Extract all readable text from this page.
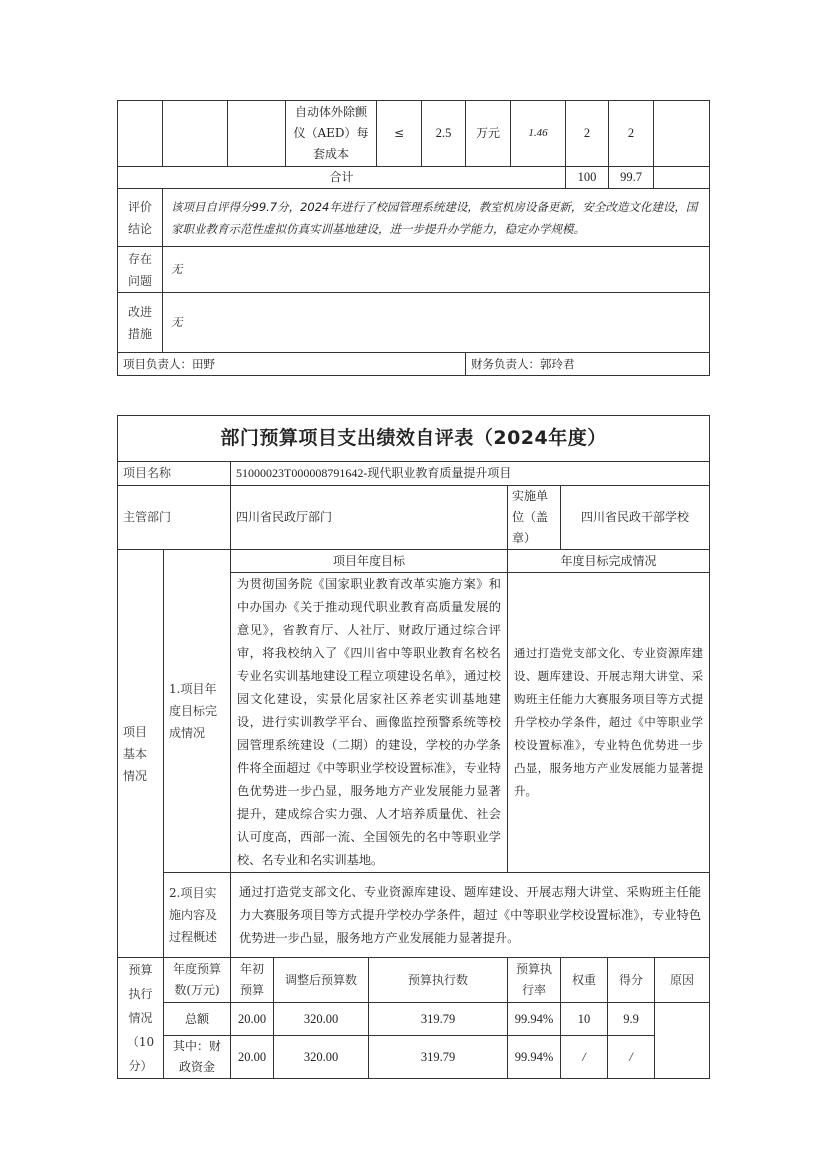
			自动体外除颤仪（AED）每套成本	≤	2.5	万元	1.46	2	2	
合计								100	99.7	
评价结论	该项目自评得分99.7分，2024年进行了校园管理系统建设，教室机房设备更新，安全改造文化建设，国家职业教育示范性虚拟仿真实训基地建设，进一步提升办学能力，稳定办学规模。									
存在问题	无									
改进措施	无									
项目负责人：田野						财务负责人：郭玲君				
部门预算项目支出绩效自评表（2024年度）								
项目名称		51000023T000008791642-现代职业教育质量提升项目						
主管部门		四川省民政厅部门			实施单位（盖章）	四川省民政干部学校		
项目基本情况	1.项目年度目标完成情况	项目年度目标			年度目标完成情况			
		为贯彻国务院《国家职业教育改革实施方案》和中办国办《关于推动现代职业教育高质量发展的意见》，省教育厅、人社厅、财政厅通过综合评审，将我校纳入了《四川省中等职业教育名校名专业名实训基地建设工程立项建设名单》，通过校园文化建设，实景化居家社区养老实训基地建设，进行实训教学平台、画像监控预警系统等校园管理系统建设（二期）的建设，学校的办学条件将全面超过《中等职业学校设置标准》，专业特色优势进一步凸显，服务地方产业发展能力显著提升，建成综合实力强、人才培养质量优、社会认可度高，西部一流、全国领先的名中等职业学校、名专业和名实训基地。			通过打造党支部文化、专业资源库建设、题库建设、开展志翔大讲堂、采购班主任能力大赛服务项目等方式提升学校办学条件，超过《中等职业学校设置标准》，专业特色优势进一步凸显，服务地方产业发展能力显著提升。			
	2.项目实施内容及过程概述	通过打造党支部文化、专业资源库建设、题库建设、开展志翔大讲堂、采购班主任能力大赛服务项目等方式提升学校办学条件，超过《中等职业学校设置标准》，专业特色优势进一步凸显，服务地方产业发展能力显著提升。						
预算执行情况（10分）	年度预算数(万元)	年初预算	调整后预算数	预算执行数	预算执行率	权重	得分	原因
	总额	20.00	320.00	319.79	99.94%	10	9.9	
	其中：财政资金	20.00	320.00	319.79	99.94%	/	/	
